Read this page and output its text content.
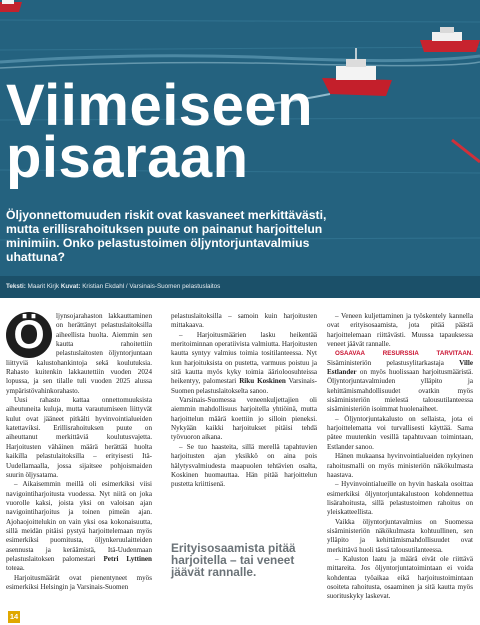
Viimeiseen
pisaraan

Öljyonnettomuuden riskit ovat kasvaneet merkittävästi, mutta erillisrahoituksen puute on painanut harjoittelun minimiin. Onko pelastustoimen öljyntorjuntavalmius uhattuna?

Teksti: Maarit Kirjk Kuvat: Kristian Ekdahl / Varsinais-Suomen pelastuslaitos

Ö	ljynsojarahaston lakkauttaminen on herättänyt pelastuslaitoksilla aiheellista huolta. Aiemmin sen kautta rahoitettiin pelastuslaitosten öljyntorjuntaan liittyviä kalustohankintoja sekä koulutuksia. Rahasto kuitenkin lakkautettiin vuoden 2024 lopussa, ja sen tilalle tuli vuoden 2025 alussa ympäristövahinkorahasto.

Uusi rahasto kattaa onnettomuuksista aiheutuneita kuluja, mutta varautumiseen liittyvät kulut ovat jääneet pitkälti hyvinvointialueiden katettaviksi. Erillisrahoituksen puute on aiheuttanut merkittäviä koulutusvajetta. Harjoitusten vähäinen määrä herättää huolta kaikilla pelastulaitoksilla – erityisesti Itä-Uudellamaalla, jossa sijaitsee pohjoismaiden suurin öljysatama.

– Aikaisemmin meillä oli esimerkiksi viisi navigointiharjoitusta vuodessa. Nyt niitä on joka vuorolle kaksi, joista yksi on valoisan ajan navigointiharjoitus ja toinen pimeän ajan. Ajohaojoittelukin on vain yksi osa kokonaisuutta, sillä meidän pitäisi pystyä harjoittelemaan myös esimerkiksi puomitusta, öljynkeruulaitteiden asennusta ja keräämistä, Itä-Uudenmaan pelastuslaitoksen palomestari Petri Lyttinen toteaa.

Harjoitusmäärät ovat pienentyneet myös esimerkiksi Helsingin ja Varsinais-Suomen

pelastuslaitoksilla – samoin kuin harjoitusten mittakaava.

– Harjoitusmäärien lasku heikentää meritoiminnan operatiivista valmiutta. Harjoitusten kautta syntyy valmius toimia tositilanteessa. Nyt kun harjoituksista on pustetta, varmuus poistuu ja sitä kautta myös kyky toimia äärioloosuhteissa heikentyy, palomestari Riku Koskinen Varsinais-Suomen pelastuslaitokselta sanoo.

Varsinais-Suomessa veneenkuljettajien oli aiemmin mahdollisuus harjoitella yhtiöinä, mutta harjoittelun määrä koettiin jo silloin pieneksi. Nykyään kaikki harjoitukset pitäisi tehdä työvuoron aikana.

– Se tuo haasteita, sillä merellä tapahtuvien harjoitusten ajan yksikkö on aina pois hälytysvalmiudesta maapuolen tehtävien osalta, Koskinen huomauttaa. Hän pitää harjoittelun pustetta kriittisenä.

Erityisosaamista pitää harjoitella – tai veneet jäävät rannalle.

– Veneen kuljettaminen ja työskentely kannella ovat erityisosaamista, jota pitää päästä harjoittelemaan riittävästi. Muussa tapauksessa veneet jäävät rannalle.

OSAAVAA RESURSSIA TARVITAAN. Sisäministeriön pelastusylitarkastaja Ville Estlander on myös huolissaan harjoitusmääristä. Öljyntorjuntavalmiuden ylläpito ja kehittämismahdollisuudet ovatkin myös sisäministeriön mielestä talousutilanteessa sisäministeriön isoimmat huolenaiheet.

– Öljyntorjuntakalusto on sellaista, jota ei harjoittelematta voi turvallisesti käyttää. Sama pätee muutenkin vesillä tapahtuvaan toimintaan, Estlander sanoo.

Hänen mukaansa hyvinvointialueiden nykyinen rahoitusmalli on myös ministeriön näkökulmasta haastava.

– Hyvinvointialueille on hyvin haskala osoittaa esimerkiksi öljyntorjuntakalustoon kohdennettua lisärahoitusta, sillä pelastustoimen rahoitus on yleiskatteellista.

Vaikka öljyntorjuntavalmius on Suomessa sisäministeriön näkökulmasta kohtuullinen, sen ylläpito ja kehittämismahdollisuudet ovat merkittävä huoli tässä talousutilanteessa.

– Kaluston laatu ja määrä eivät ole riittävä mittareita. Jos öljyntorjuntatoimintaan ei voida kohdentaa työaikaa eikä harjoitustoimintaan osoiteta rahoitusta, osaaminen ja sitä kautta myös suorituskyky laskevat.

14
